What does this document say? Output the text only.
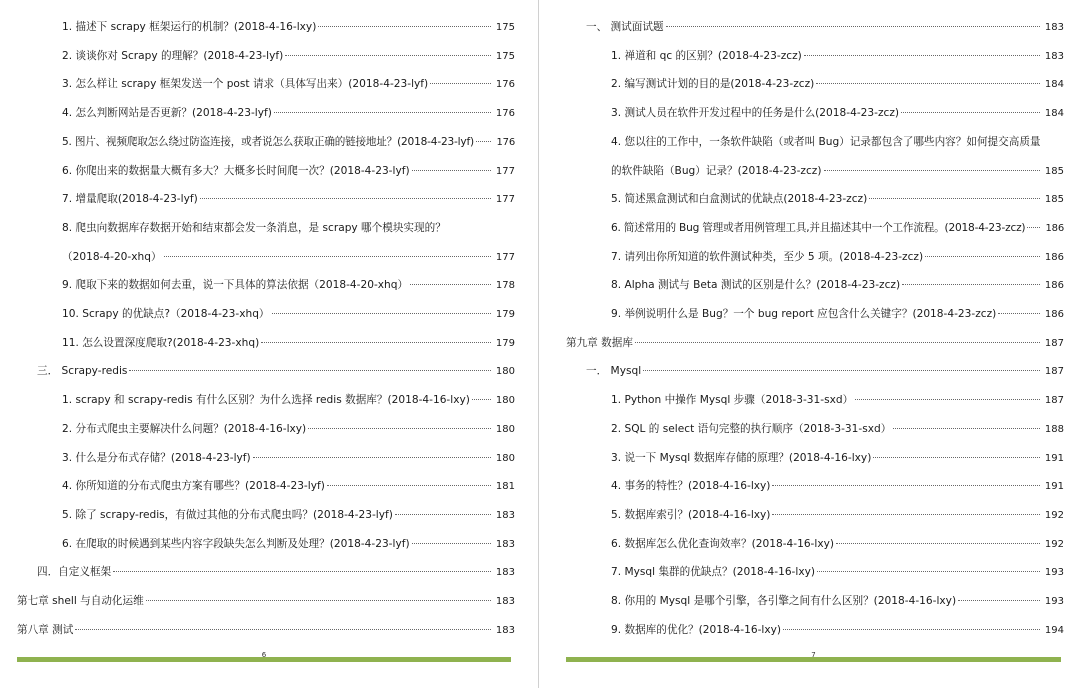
1. 描述下 scrapy 框架运行的机制？(2018-4-16-lxy)	175
2. 谈谈你对 Scrapy 的理解？(2018-4-23-lyf)	175
3. 怎么样让 scrapy 框架发送一个 post 请求（具体写出来）(2018-4-23-lyf)	176
4. 怎么判断网站是否更新？(2018-4-23-lyf)	176
5. 图片、视频爬取怎么绕过防盗连接，或者说怎么获取正确的链接地址？(2018-4-23-lyf)	176
6. 你爬出来的数据量大概有多大？大概多长时间爬一次？(2018-4-23-lyf)	177
7. 增量爬取(2018-4-23-lyf)	177
8. 爬虫向数据库存数据开始和结束都会发一条消息，是 scrapy 哪个模块实现的？
（2018-4-20-xhq）	177
9. 爬取下来的数据如何去重，说一下具体的算法依据（2018-4-20-xhq）	178
10. Scrapy 的优缺点?（2018-4-23-xhq）	179
11. 怎么设置深度爬取?(2018-4-23-xhq)	179
三． Scrapy-redis	180
1. scrapy 和 scrapy-redis 有什么区别？为什么选择 redis 数据库？(2018-4-16-lxy)	180
2. 分布式爬虫主要解决什么问题？(2018-4-16-lxy)	180
3. 什么是分布式存储？(2018-4-23-lyf)	180
4. 你所知道的分布式爬虫方案有哪些？(2018-4-23-lyf)	181
5. 除了 scrapy-redis，有做过其他的分布式爬虫吗？(2018-4-23-lyf)	183
6. 在爬取的时候遇到某些内容字段缺失怎么判断及处理？(2018-4-23-lyf)	183
四．自定义框架	183
第七章 shell 与自动化运维	183
第八章 测试	183
6
一、 测试面试题	183
1. 禅道和 qc 的区别？(2018-4-23-zcz)	183
2. 编写测试计划的目的是(2018-4-23-zcz)	184
3. 测试人员在软件开发过程中的任务是什么(2018-4-23-zcz)	184
4. 您以往的工作中，一条软件缺陷（或者叫 Bug）记录都包含了哪些内容？如何提交高质量
的软件缺陷（Bug）记录？(2018-4-23-zcz)	185
5. 简述黑盒测试和白盒测试的优缺点(2018-4-23-zcz)	185
6. 简述常用的 Bug 管理或者用例管理工具,并且描述其中一个工作流程。(2018-4-23-zcz)	186
7. 请列出你所知道的软件测试种类，至少 5 项。(2018-4-23-zcz)	186
8. Alpha 测试与 Beta 测试的区别是什么？(2018-4-23-zcz)	186
9. 举例说明什么是 Bug？一个 bug report 应包含什么关键字？(2018-4-23-zcz)	186
第九章 数据库	187
一． Mysql	187
1. Python 中操作 Mysql 步骤（2018-3-31-sxd）	187
2. SQL 的 select 语句完整的执行顺序（2018-3-31-sxd）	188
3. 说一下 Mysql 数据库存储的原理？(2018-4-16-lxy)	191
4. 事务的特性？(2018-4-16-lxy)	191
5. 数据库索引？(2018-4-16-lxy)	192
6. 数据库怎么优化查询效率？(2018-4-16-lxy)	192
7. Mysql 集群的优缺点？(2018-4-16-lxy)	193
8. 你用的 Mysql 是哪个引擎，各引擎之间有什么区别？(2018-4-16-lxy)	193
9. 数据库的优化？(2018-4-16-lxy)	194
7
